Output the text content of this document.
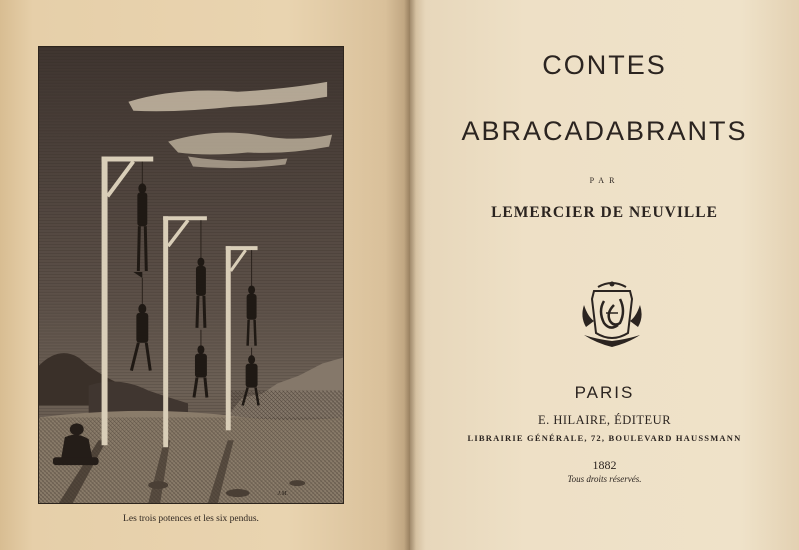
J.M.
Les trois potences et les six pendus.
CONTES
ABRACADABRANTS
PAR
LEMERCIER DE NEUVILLE
PARIS
E. HILAIRE, ÉDITEUR
LIBRAIRIE GÉNÉRALE, 72, BOULEVARD HAUSSMANN
1882
Tous droits réservés.
